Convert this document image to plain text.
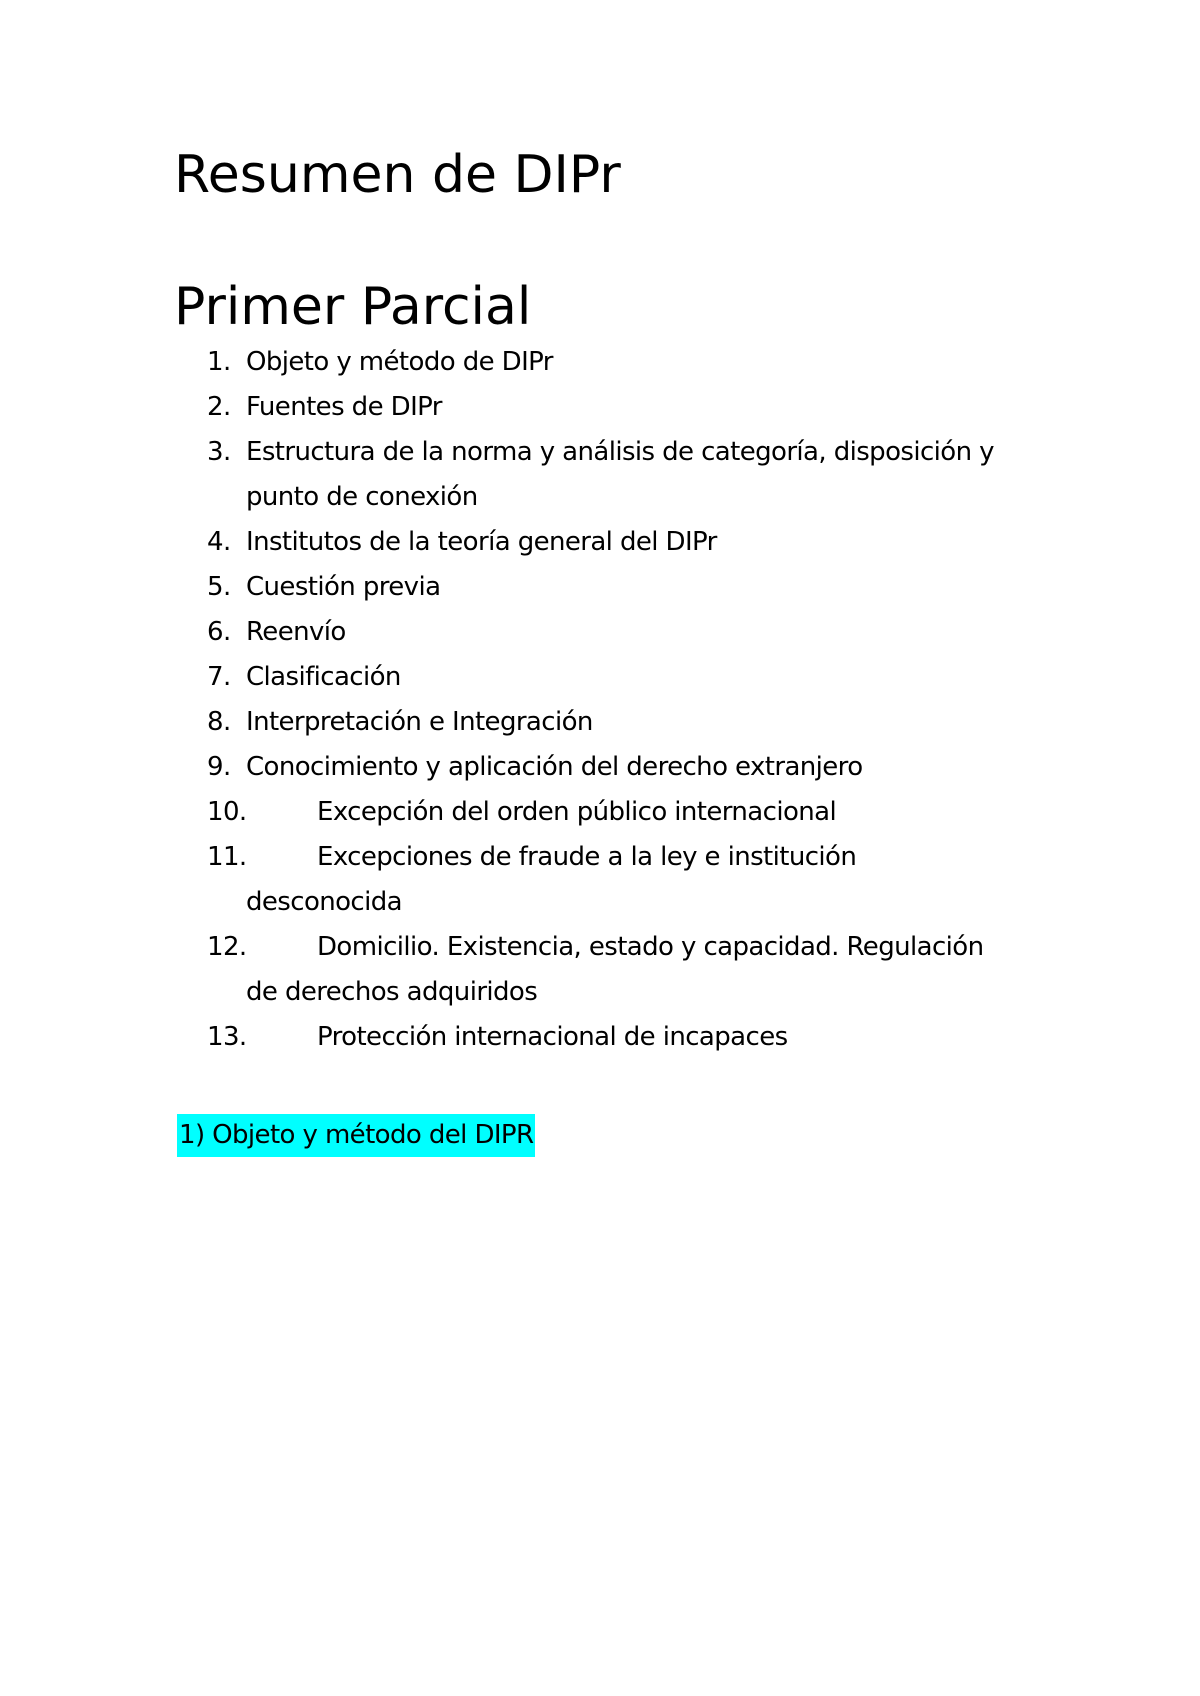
Resumen de DIPr
Primer Parcial
1. Objeto y método de DIPr
2. Fuentes de DIPr
3. Estructura de la norma y análisis de categoría, disposición y
punto de conexión
4. Institutos de la teoría general del DIPr
5. Cuestión previa
6. Reenvío
7. Clasificación
8. Interpretación e Integración
9. Conocimiento y aplicación del derecho extranjero
10.	Excepción del orden público internacional
11.	Excepciones de fraude a la ley e institución
desconocida
12.	Domicilio. Existencia, estado y capacidad. Regulación
de derechos adquiridos
13.	Protección internacional de incapaces
1) Objeto y método del DIPR
